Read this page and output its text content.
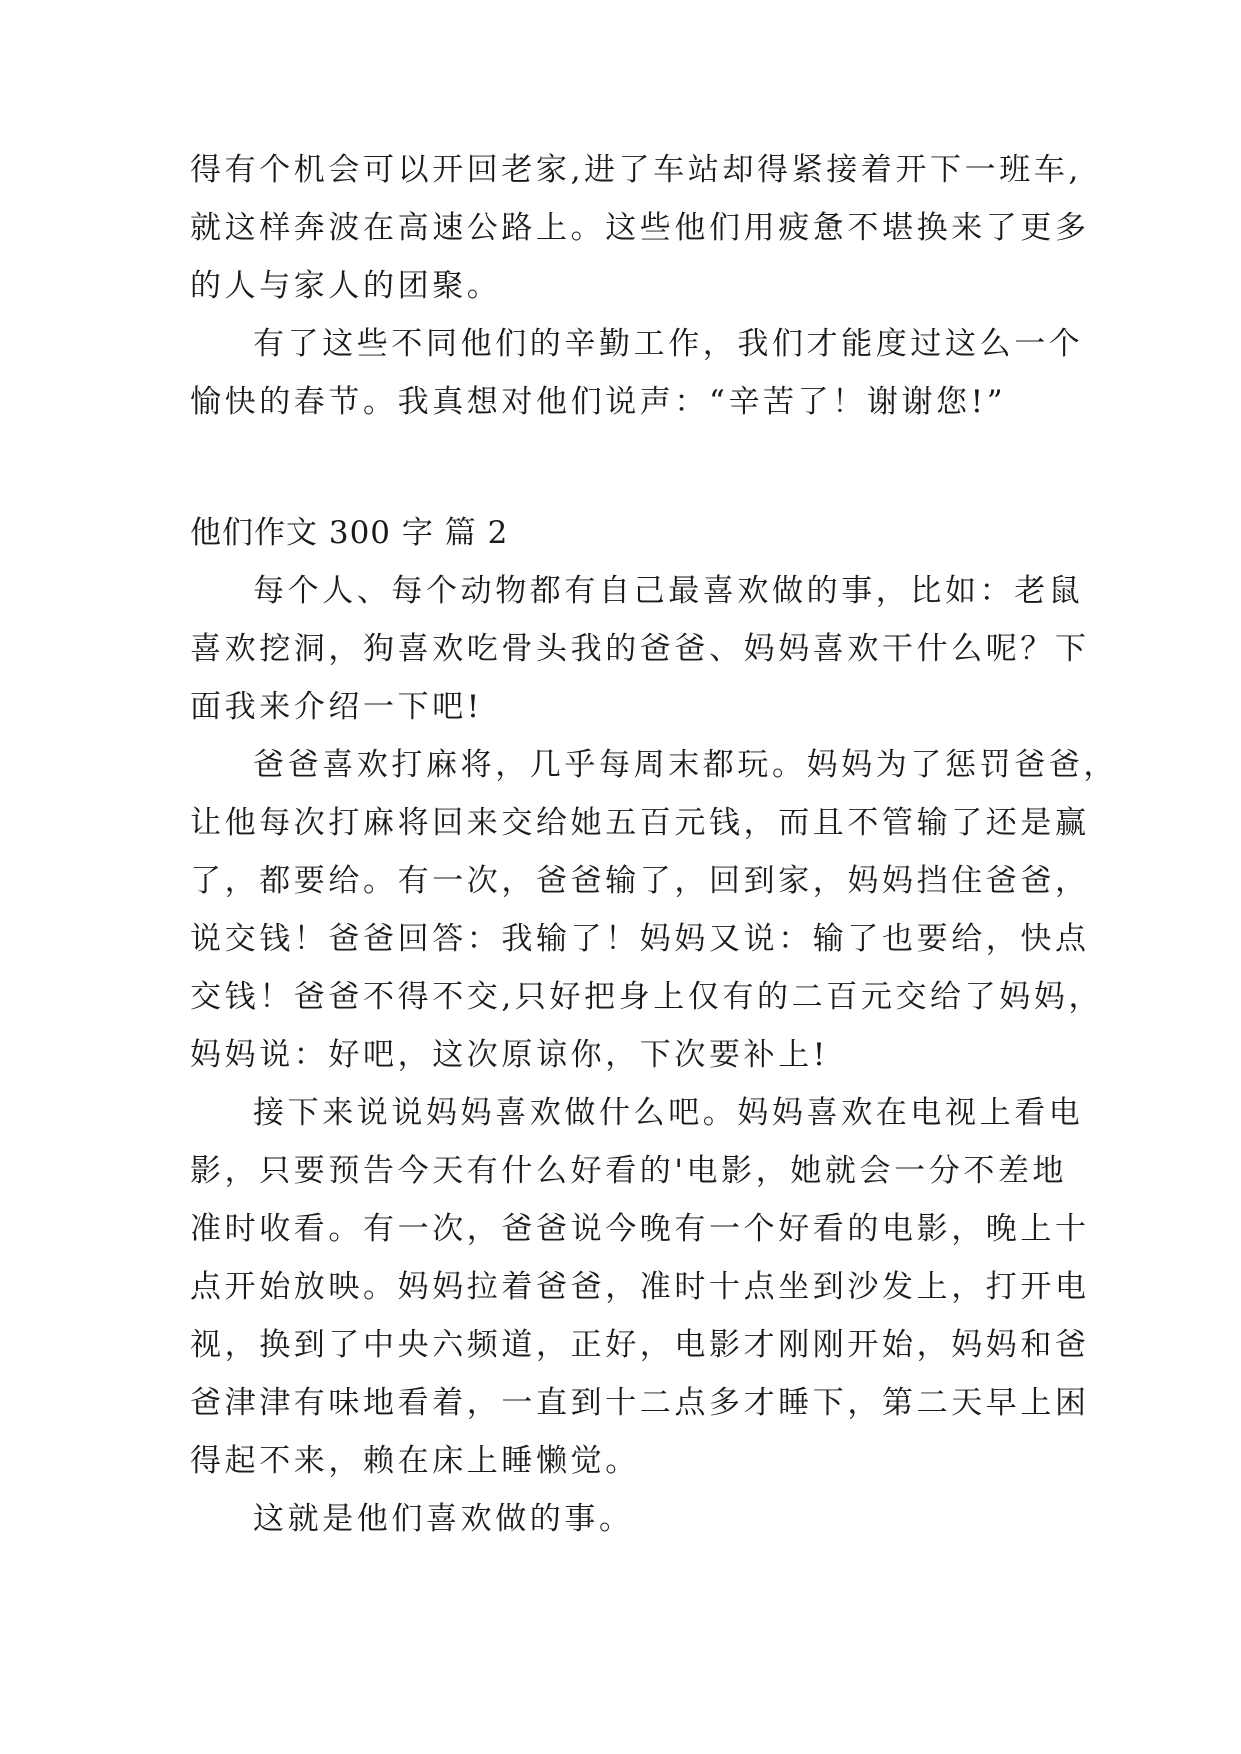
得有个机会可以开回老家,进了车站却得紧接着开下一班车,
就这样奔波在高速公路上。这些他们用疲惫不堪换来了更多
的人与家人的团聚。
有了这些不同他们的辛勤工作，我们才能度过这么一个
愉快的春节。我真想对他们说声：“辛苦了！谢谢您!”
他们作文 300 字 篇 2
每个人、每个动物都有自己最喜欢做的事，比如：老鼠
喜欢挖洞，狗喜欢吃骨头我的爸爸、妈妈喜欢干什么呢？下
面我来介绍一下吧!
爸爸喜欢打麻将，几乎每周末都玩。妈妈为了惩罚爸爸，
让他每次打麻将回来交给她五百元钱，而且不管输了还是赢
了，都要给。有一次，爸爸输了，回到家，妈妈挡住爸爸，
说交钱！爸爸回答：我输了！妈妈又说：输了也要给，快点
交钱！爸爸不得不交,只好把身上仅有的二百元交给了妈妈，
妈妈说：好吧，这次原谅你，下次要补上!
接下来说说妈妈喜欢做什么吧。妈妈喜欢在电视上看电
影，只要预告今天有什么好看的'电影，她就会一分不差地
准时收看。有一次，爸爸说今晚有一个好看的电影，晚上十
点开始放映。妈妈拉着爸爸，准时十点坐到沙发上，打开电
视，换到了中央六频道，正好，电影才刚刚开始，妈妈和爸
爸津津有味地看着，一直到十二点多才睡下，第二天早上困
得起不来，赖在床上睡懒觉。
这就是他们喜欢做的事。
